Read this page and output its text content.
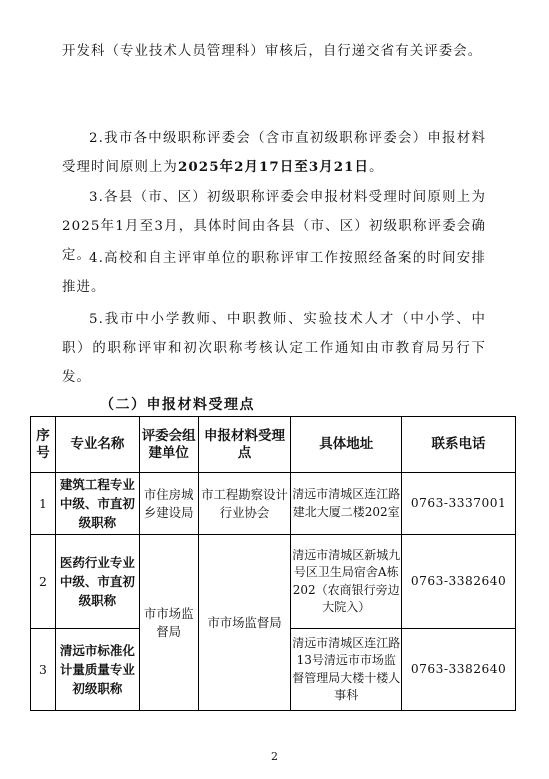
开发科（专业技术人员管理科）审核后，自行递交省有关评委会。

2.我市各中级职称评委会（含市直初级职称评委会）申报材料受理时间原则上为2025年2月17日至3月21日。

3.各县（市、区）初级职称评委会申报材料受理时间原则上为2025年1月至3月，具体时间由各县（市、区）初级职称评委会确定。

4.高校和自主评审单位的职称评审工作按照经备案的时间安排推进。

5.我市中小学教师、中职教师、实验技术人才（中小学、中职）的职称评审和初次职称考核认定工作通知由市教育局另行下发。

（二）申报材料受理点
序号	专业名称	评委会组建单位	申报材料受理点	具体地址	联系电话
1	建筑工程专业中级、市直初级职称	市住房城乡建设局	市工程勘察设计行业协会	清远市清城区连江路建北大厦二楼202室	0763-3337001
2	医药行业专业中级、市直初级职称	市市场监督局	市市场监督局	清远市清城区新城九号区卫生局宿舍A栋202（农商银行旁边大院入）	0763-3382640
3	清远市标准化计量质量专业初级职称			清远市清城区连江路13号清远市市场监督管理局大楼十楼人事科	0763-3382640
2
